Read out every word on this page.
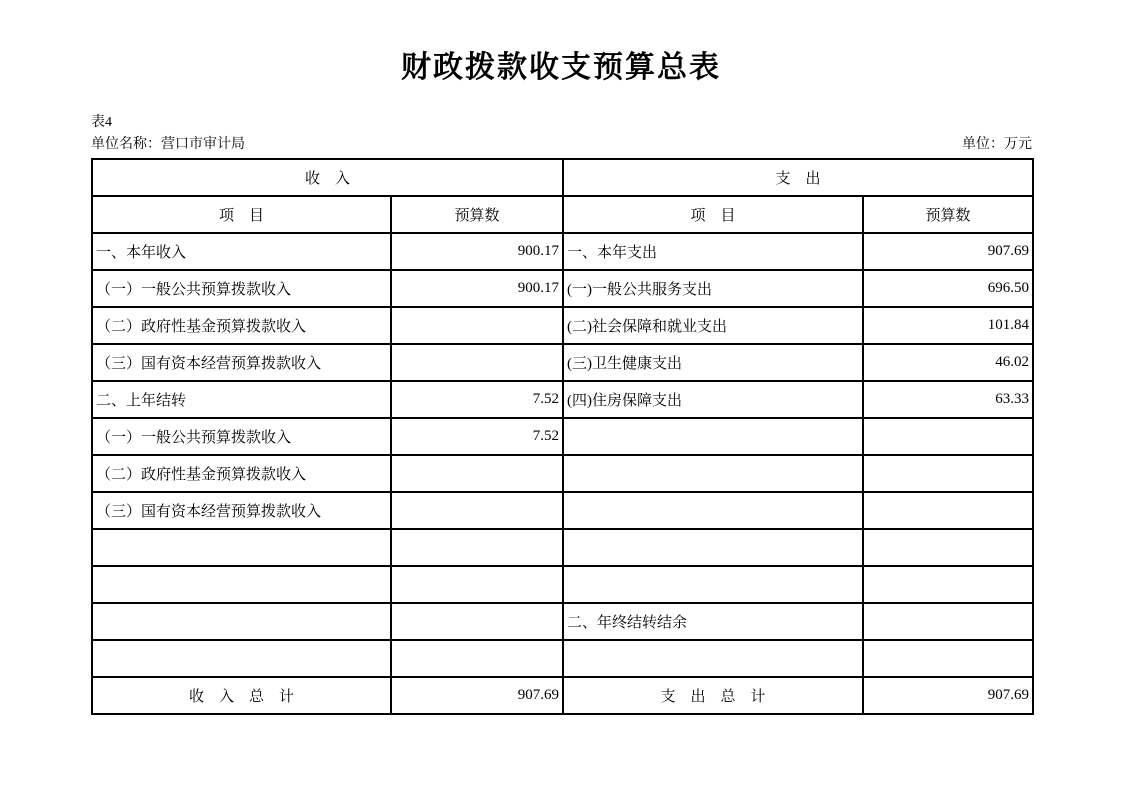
财政拨款收支预算总表
表4
单位名称：营口市审计局	单位：万元
收　入		支　出	
项　目	预算数	项　目	预算数
一、本年收入	900.17	一、本年支出	907.69
（一）一般公共预算拨款收入	900.17	(一)一般公共服务支出	696.50
（二）政府性基金预算拨款收入		(二)社会保障和就业支出	101.84
（三）国有资本经营预算拨款收入		(三)卫生健康支出	46.02
二、上年结转	7.52	(四)住房保障支出	63.33
（一）一般公共预算拨款收入	7.52		
（二）政府性基金预算拨款收入			
（三）国有资本经营预算拨款收入			

		二、年终结转结余	

收　入　总　计	907.69	支　出　总　计	907.69
